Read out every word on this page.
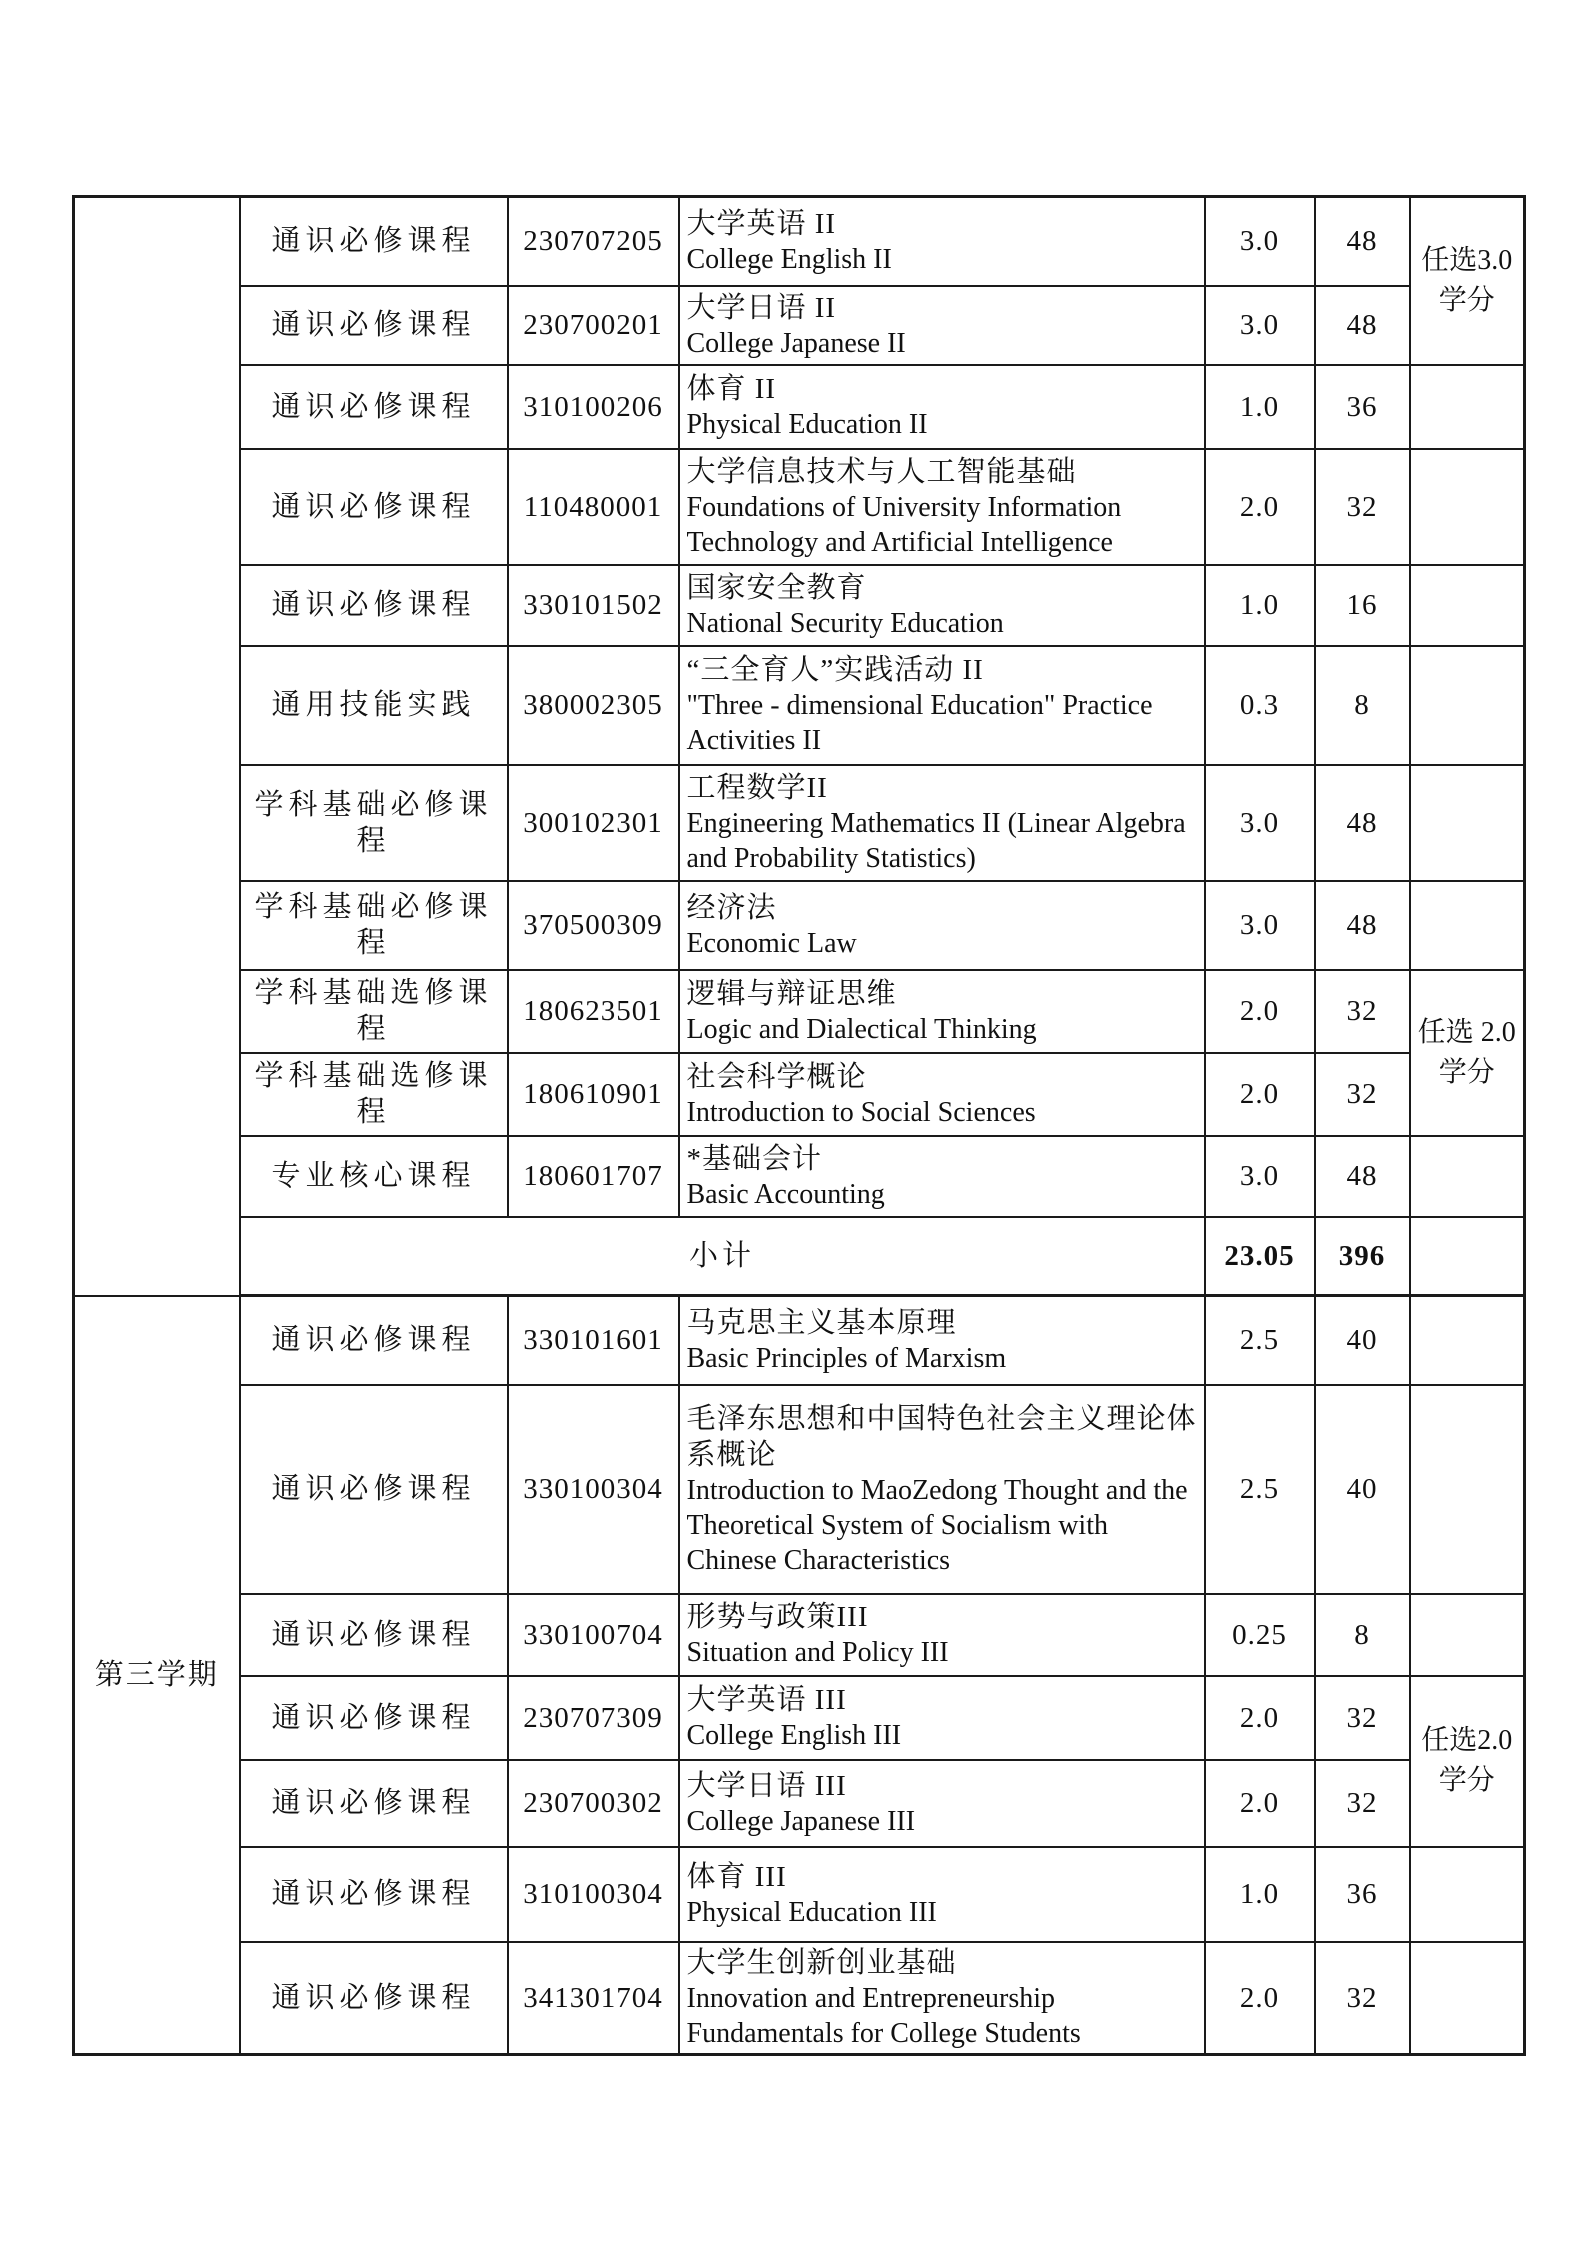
	通识必修课程	230707205	大学英语 II
College English II	3.0	48	任选3.0学分
	通识必修课程	230700201	大学日语 II
College Japanese II	3.0	48	
	通识必修课程	310100206	体育 II
Physical Education II	1.0	36	
	通识必修课程	110480001	大学信息技术与人工智能基础
Foundations of University Information Technology and Artificial Intelligence	2.0	32	
	通识必修课程	330101502	国家安全教育
National Security Education	1.0	16	
	通用技能实践	380002305	“三全育人”实践活动 II
"Three - dimensional Education" Practice Activities II	0.3	8	
	学科基础必修课程	300102301	工程数学II
Engineering Mathematics II (Linear Algebra and Probability Statistics)	3.0	48	
	学科基础必修课程	370500309	经济法
Economic Law	3.0	48	
	学科基础选修课程	180623501	逻辑与辩证思维
Logic and Dialectical Thinking	2.0	32	任选 2.0学分
	学科基础选修课程	180610901	社会科学概论
Introduction to Social Sciences	2.0	32	
	专业核心课程	180601707	*基础会计
Basic Accounting	3.0	48	
	小计			23.05	396	
第三学期	通识必修课程	330101601	马克思主义基本原理
Basic Principles of Marxism	2.5	40	
	通识必修课程	330100304	毛泽东思想和中国特色社会主义理论体系概论
Introduction to MaoZedong Thought and the Theoretical System of Socialism with Chinese Characteristics	2.5	40	
	通识必修课程	330100704	形势与政策III
Situation and Policy III	0.25	8	
	通识必修课程	230707309	大学英语 III
College English III	2.0	32	任选2.0学分
	通识必修课程	230700302	大学日语 III
College Japanese III	2.0	32	
	通识必修课程	310100304	体育 III
Physical Education III	1.0	36	
	通识必修课程	341301704	大学生创新创业基础
Innovation and Entrepreneurship Fundamentals for College Students	2.0	32	
